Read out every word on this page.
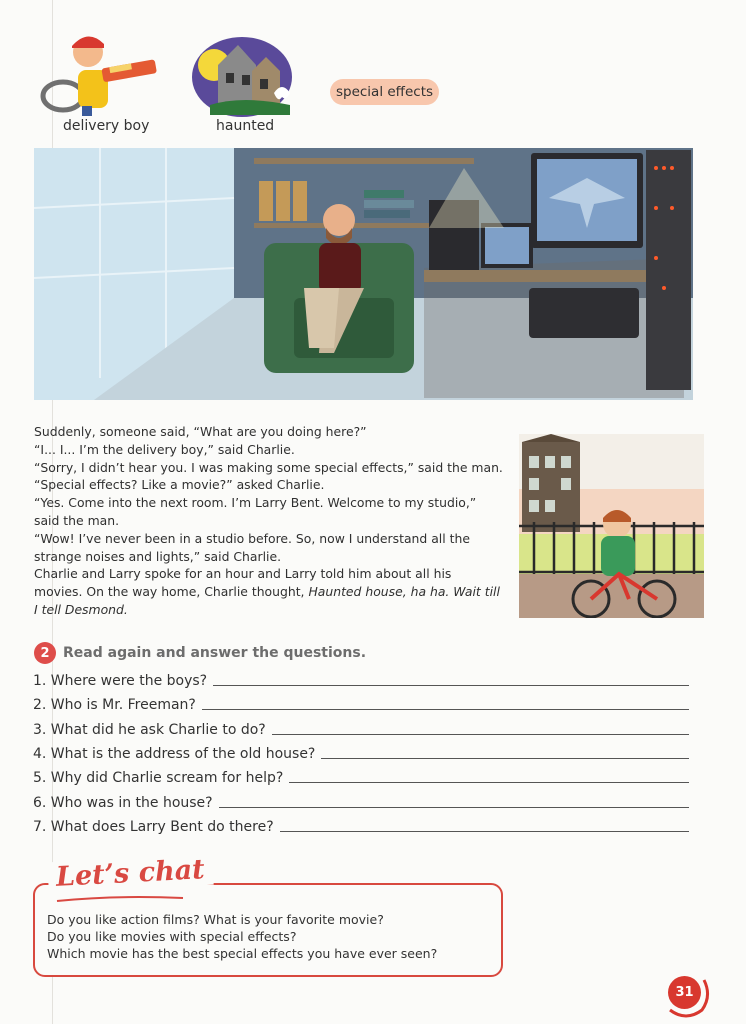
delivery boy	haunted
special effects

Suddenly, someone said, “What are you doing here?”

“I... I... I’m the delivery boy,” said Charlie.

“Sorry, I didn’t hear you. I was making some special effects,” said the man.

“Special effects? Like a movie?” asked Charlie.

“Yes. Come into the next room. I’m Larry Bent. Welcome to my studio,”

said the man.

“Wow! I’ve never been in a studio before. So, now I understand all the

strange noises and lights,” said Charlie.

Charlie and Larry spoke for an hour and Larry told him about all his

movies. On the way home, Charlie thought, Haunted house, ha ha. Wait till

I tell Desmond.

2 Read again and answer the questions.
1. Where were the boys?
2. Who is Mr. Freeman?
3. What did he ask Charlie to do?
4. What is the address of the old house?
5. Why did Charlie scream for help?
6. Who was in the house?
7. What does Larry Bent do there?
Let’s chat

Do you like action films? What is your favorite movie?

Do you like movies with special effects?

Which movie has the best special effects you have ever seen?

31
